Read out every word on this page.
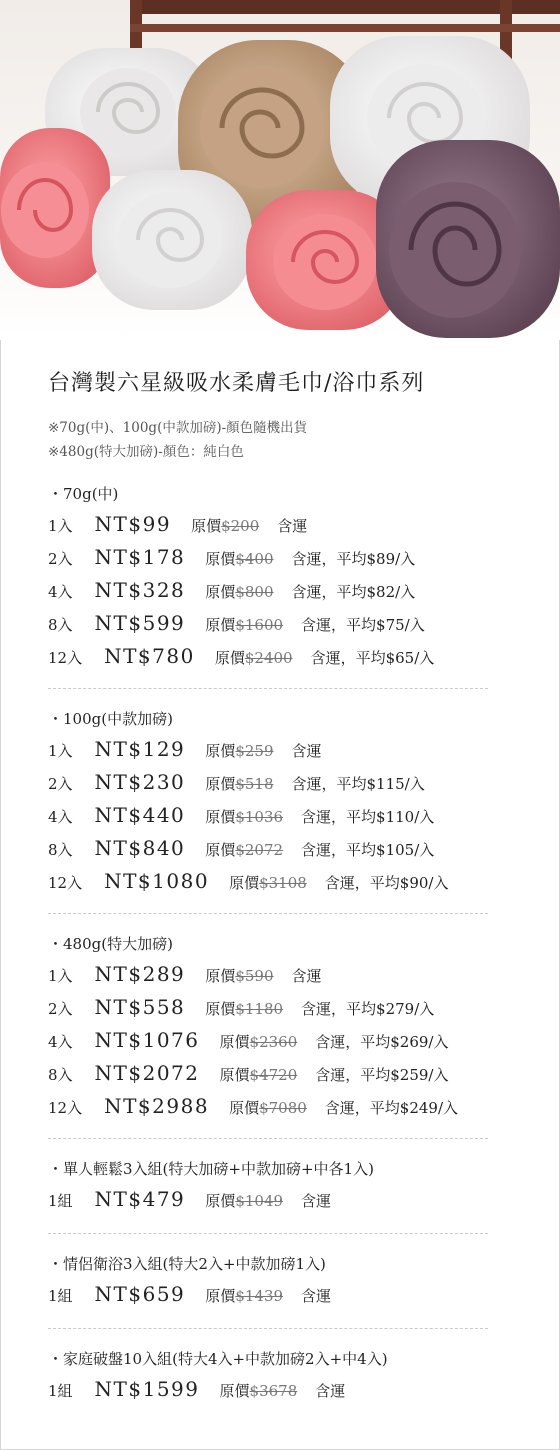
台灣製六星級吸水柔膚毛巾/浴巾系列
※70g(中)、100g(中款加磅)-顏色隨機出貨
※480g(特大加磅)-顏色：純白色
・70g(中)
1入 NT$99 原價$200 含運
2入 NT$178 原價$400 含運，平均$89/入
4入 NT$328 原價$800 含運，平均$82/入
8入 NT$599 原價$1600 含運，平均$75/入
12入 NT$780 原價$2400 含運，平均$65/入
・100g(中款加磅)
1入 NT$129 原價$259 含運
2入 NT$230 原價$518 含運，平均$115/入
4入 NT$440 原價$1036 含運，平均$110/入
8入 NT$840 原價$2072 含運，平均$105/入
12入 NT$1080 原價$3108 含運，平均$90/入
・480g(特大加磅)
1入 NT$289 原價$590 含運
2入 NT$558 原價$1180 含運，平均$279/入
4入 NT$1076 原價$2360 含運，平均$269/入
8入 NT$2072 原價$4720 含運，平均$259/入
12入 NT$2988 原價$7080 含運，平均$249/入
・單人輕鬆3入組(特大加磅+中款加磅+中各1入)
1組 NT$479 原價$1049 含運
・情侶衛浴3入組(特大2入+中款加磅1入)
1組 NT$659 原價$1439 含運
・家庭破盤10入組(特大4入+中款加磅2入+中4入)
1組 NT$1599 原價$3678 含運
